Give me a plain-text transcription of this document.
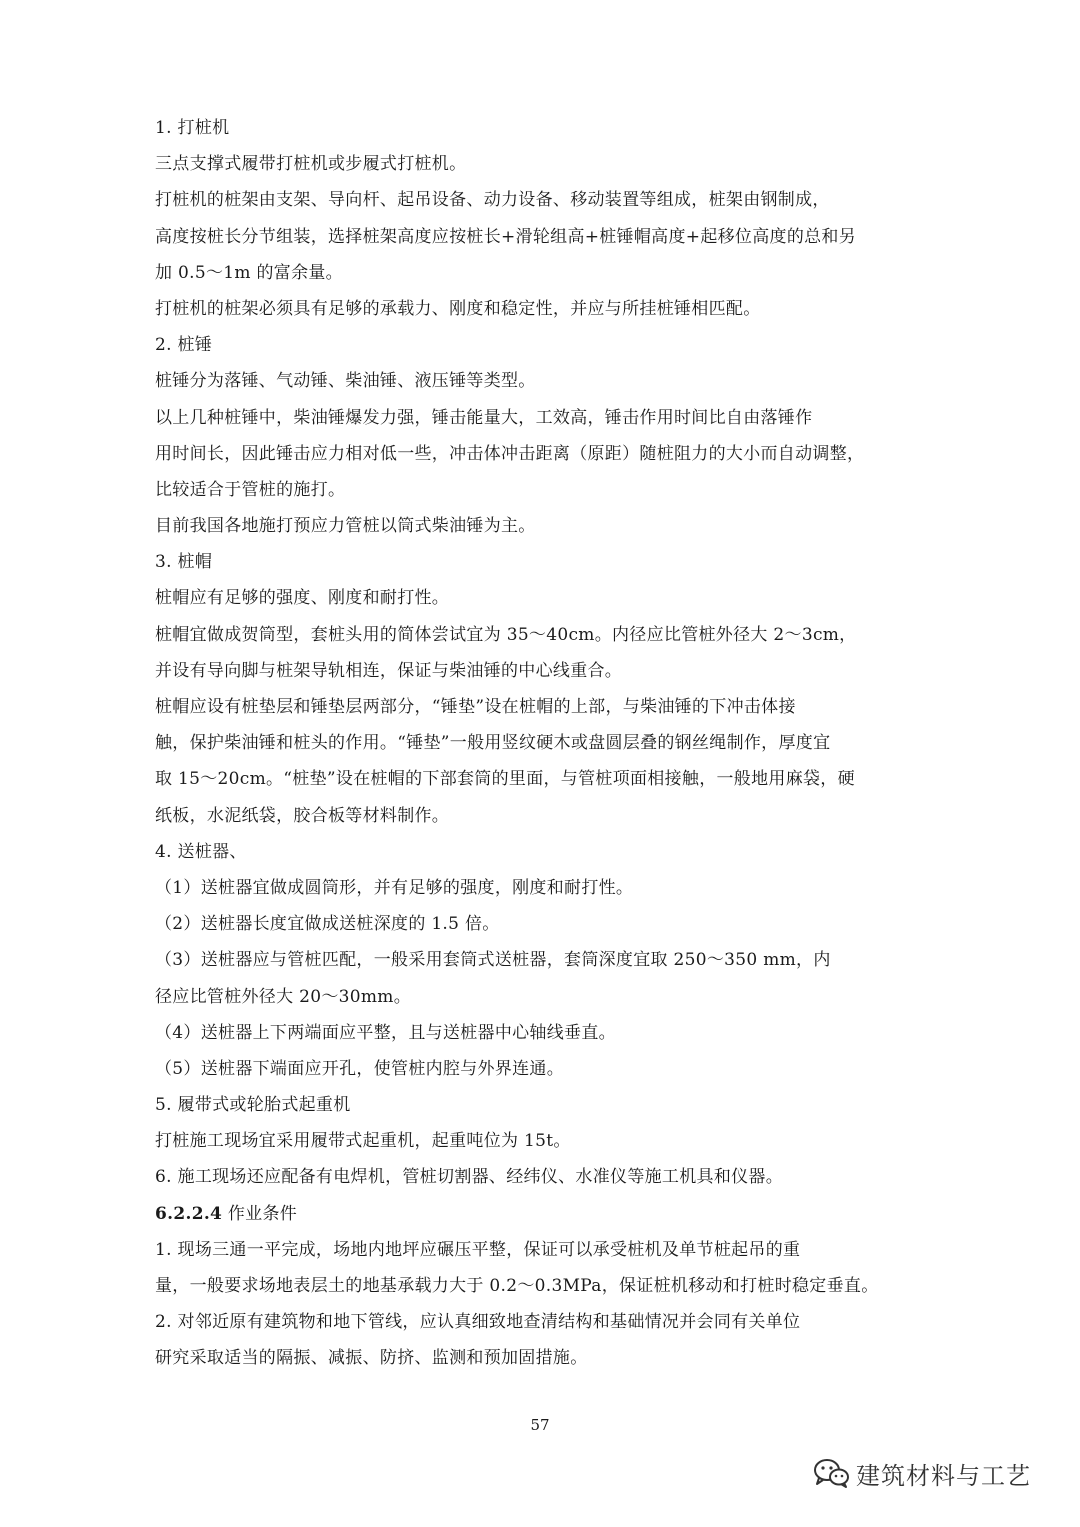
1. 打桩机
三点支撑式履带打桩机或步履式打桩机。
打桩机的桩架由支架、导向杆、起吊设备、动力设备、移动装置等组成，桩架由钢制成，
高度按桩长分节组装，选择桩架高度应按桩长+滑轮组高+桩锤帽高度+起移位高度的总和另
加 0.5～1m 的富余量。
打桩机的桩架必须具有足够的承载力、刚度和稳定性，并应与所挂桩锤相匹配。
2. 桩锤
桩锤分为落锤、气动锤、柴油锤、液压锤等类型。
以上几种桩锤中，柴油锤爆发力强，锤击能量大，工效高，锤击作用时间比自由落锤作
用时间长，因此锤击应力相对低一些，冲击体冲击距离（原距）随桩阻力的大小而自动调整，
比较适合于管桩的施打。
目前我国各地施打预应力管桩以筒式柴油锤为主。
3. 桩帽
桩帽应有足够的强度、刚度和耐打性。
桩帽宜做成贺筒型，套桩头用的简体尝试宜为 35～40cm。内径应比管桩外径大 2～3cm，
并设有导向脚与桩架导轨相连，保证与柴油锤的中心线重合。
桩帽应设有桩垫层和锤垫层两部分，“锤垫”设在桩帽的上部，与柴油锤的下冲击体接
触，保护柴油锤和桩头的作用。“锤垫”一般用竖纹硬木或盘圆层叠的钢丝绳制作，厚度宜
取 15～20cm。“桩垫”设在桩帽的下部套筒的里面，与管桩项面相接触，一般地用麻袋，硬
纸板，水泥纸袋，胶合板等材料制作。
4. 送桩器、
（1）送桩器宜做成圆筒形，并有足够的强度，刚度和耐打性。
（2）送桩器长度宜做成送桩深度的 1.5 倍。
（3）送桩器应与管桩匹配，一般采用套筒式送桩器，套筒深度宜取 250～350 mm，内
径应比管桩外径大 20～30mm。
（4）送桩器上下两端面应平整，且与送桩器中心轴线垂直。
（5）送桩器下端面应开孔，使管桩内腔与外界连通。
5. 履带式或轮胎式起重机
打桩施工现场宜采用履带式起重机，起重吨位为 15t。
6. 施工现场还应配备有电焊机，管桩切割器、经纬仪、水准仪等施工机具和仪器。
6.2.2.4 作业条件
1. 现场三通一平完成，场地内地坪应碾压平整，保证可以承受桩机及单节桩起吊的重
量，一般要求场地表层土的地基承载力大于 0.2～0.3MPa，保证桩机移动和打桩时稳定垂直。
2. 对邻近原有建筑物和地下管线，应认真细致地查清结构和基础情况并会同有关单位
研究采取适当的隔振、减振、防挤、监测和预加固措施。
57
建筑材料与工艺
